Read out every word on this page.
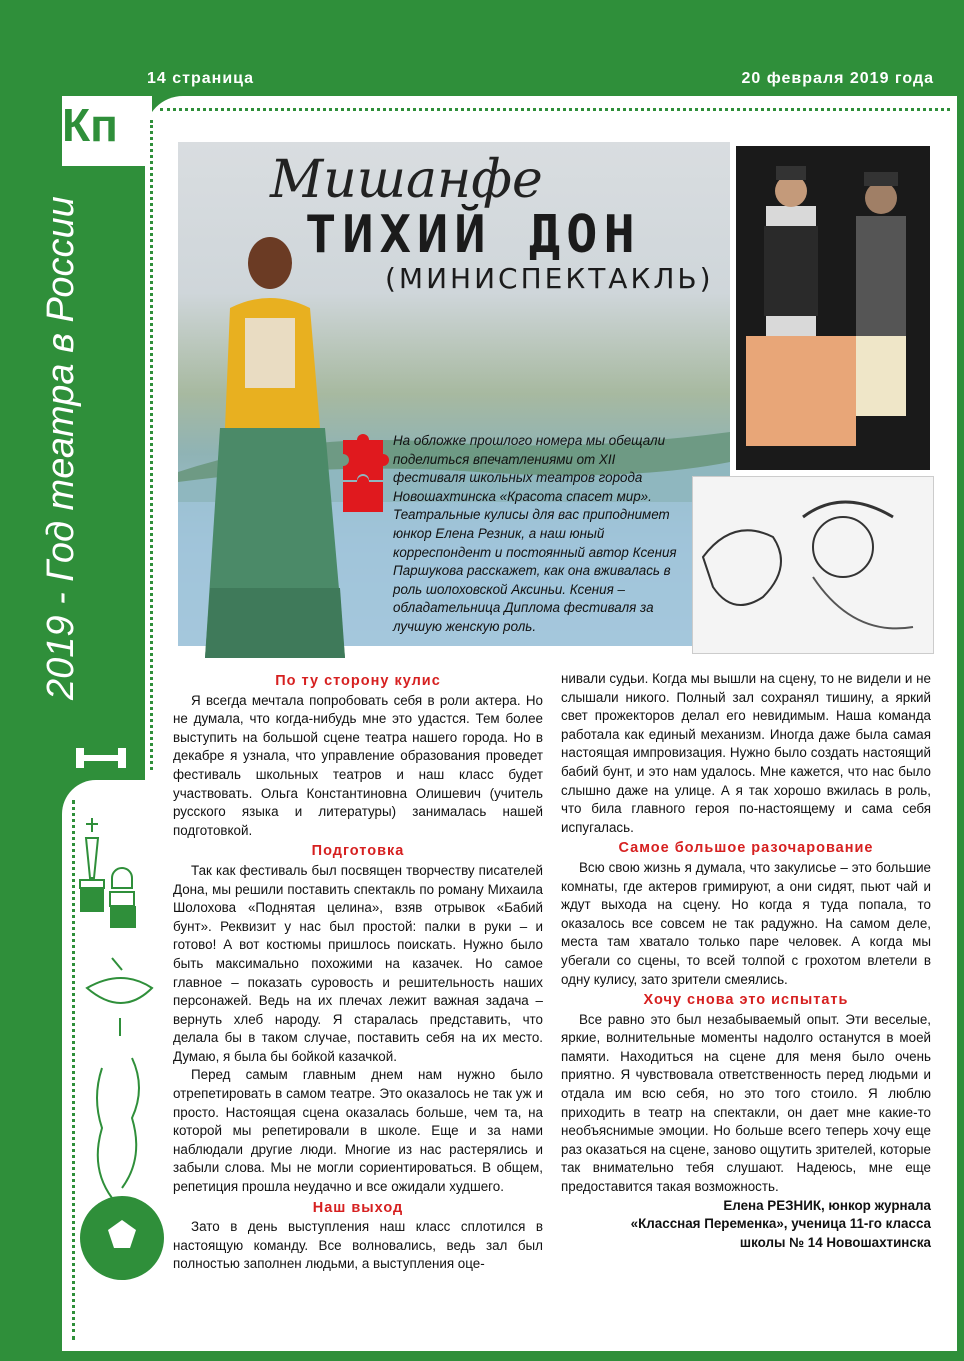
14 страница	20 февраля 2019 года
Кп
2019 - Год театра в России
Мишанфе
ТИХИЙ ДОН
(МИНИСПЕКТАКЛЬ)
На обложке прошлого номера мы обещали поделиться впечатлениями от XII фестиваля школьных театров города Новошахтинска «Красота спасет мир». Театральные кулисы для вас приподнимет юнкор Елена Резник, а наш юный корреспондент и постоянный автор Ксения Паршукова расскажет, как она вживалась в роль шолоховской Аксиньи. Ксения – обладательница Диплома фестиваля за лучшую женскую роль.
По ту сторону кулис

Я всегда мечтала попробовать себя в роли актера. Но не думала, что когда-нибудь мне это удастся. Тем более выступить на большой сцене театра нашего города. Но в декабре я узнала, что управление образования проведет фестиваль школьных театров и наш класс будет участвовать. Ольга Константиновна Олишевич (учитель русского языка и литературы) занималась нашей подготовкой.

Подготовка

Так как фестиваль был посвящен творчеству писателей Дона, мы решили поставить спектакль по роману Михаила Шолохова «Поднятая целина», взяв отрывок «Бабий бунт». Реквизит у нас был простой: палки в руки – и готово! А вот костюмы пришлось поискать. Нужно было быть максимально похожими на казачек. Но самое главное – показать суровость и решительность наших персонажей. Ведь на их плечах лежит важная задача – вернуть хлеб народу. Я старалась представить, что делала бы в таком случае, поставить себя на их место. Думаю, я была бы бойкой казачкой.

Перед самым главным днем нам нужно было отрепетировать в самом театре. Это оказалось не так уж и просто. Настоящая сцена оказалась больше, чем та, на которой мы репетировали в школе. Еще и за нами наблюдали другие люди. Многие из нас растерялись и забыли слова. Мы не могли сориентироваться. В общем, репетиция прошла неудачно и все ожидали худшего.

Наш выход

Зато в день выступления наш класс сплотился в настоящую команду. Все волновались, ведь зал был полностью заполнен людьми, а выступления оце-

нивали судьи. Когда мы вышли на сцену, то не видели и не слышали никого. Полный зал сохранял тишину, а яркий свет прожекторов делал его невидимым. Наша команда работала как единый механизм. Иногда даже была самая настоящая импровизация. Нужно было создать настоящий бабий бунт, и это нам удалось. Мне кажется, что нас было слышно даже на улице. А я так хорошо вжилась в роль, что била главного героя по-настоящему и сама себя испугалась.

Самое большое разочарование

Всю свою жизнь я думала, что закулисье – это большие комнаты, где актеров гримируют, а они сидят, пьют чай и ждут выхода на сцену. Но когда я туда попала, то оказалось все совсем не так радужно. На самом деле, места там хватало только паре человек. А когда мы убегали со сцены, то всей толпой с грохотом влетели в одну кулису, зато зрители смеялись.

Хочу снова это испытать

Все равно это был незабываемый опыт. Эти веселые, яркие, волнительные моменты надолго останутся в моей памяти. Находиться на сцене для меня было очень приятно. Я чувствовала ответственность перед людьми и отдала им всю себя, но это того стоило. Я люблю приходить в театр на спектакли, он дает мне какие-то необъяснимые эмоции. Но больше всего теперь хочу еще раз оказаться на сцене, заново ощутить зрителей, которые так внимательно тебя слушают. Надеюсь, мне еще предоставится такая возможность.

Елена РЕЗНИК, юнкор журнала
«Классная Переменка», ученица 11-го класса
школы № 14 Новошахтинска
